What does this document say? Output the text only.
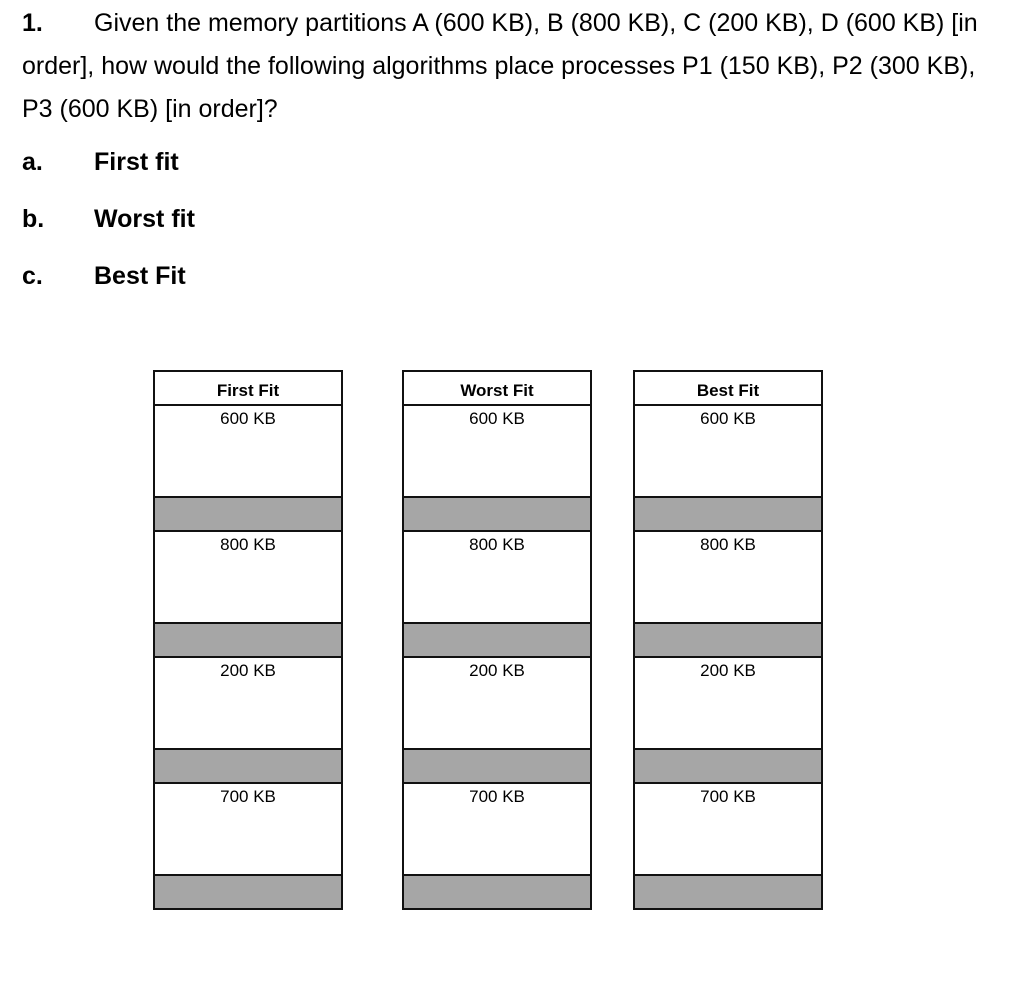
1. Given the memory partitions A (600 KB), B (800 KB), C (200 KB), D (600 KB) [in order], how would the following algorithms place processes P1 (150 KB), P2 (300 KB), P3 (600 KB) [in order]?
a. First fit
b. Worst fit
c. Best Fit
First Fit
600 KB
800 KB
200 KB
700 KB
Worst Fit
600 KB
800 KB
200 KB
700 KB
Best Fit
600 KB
800 KB
200 KB
700 KB
